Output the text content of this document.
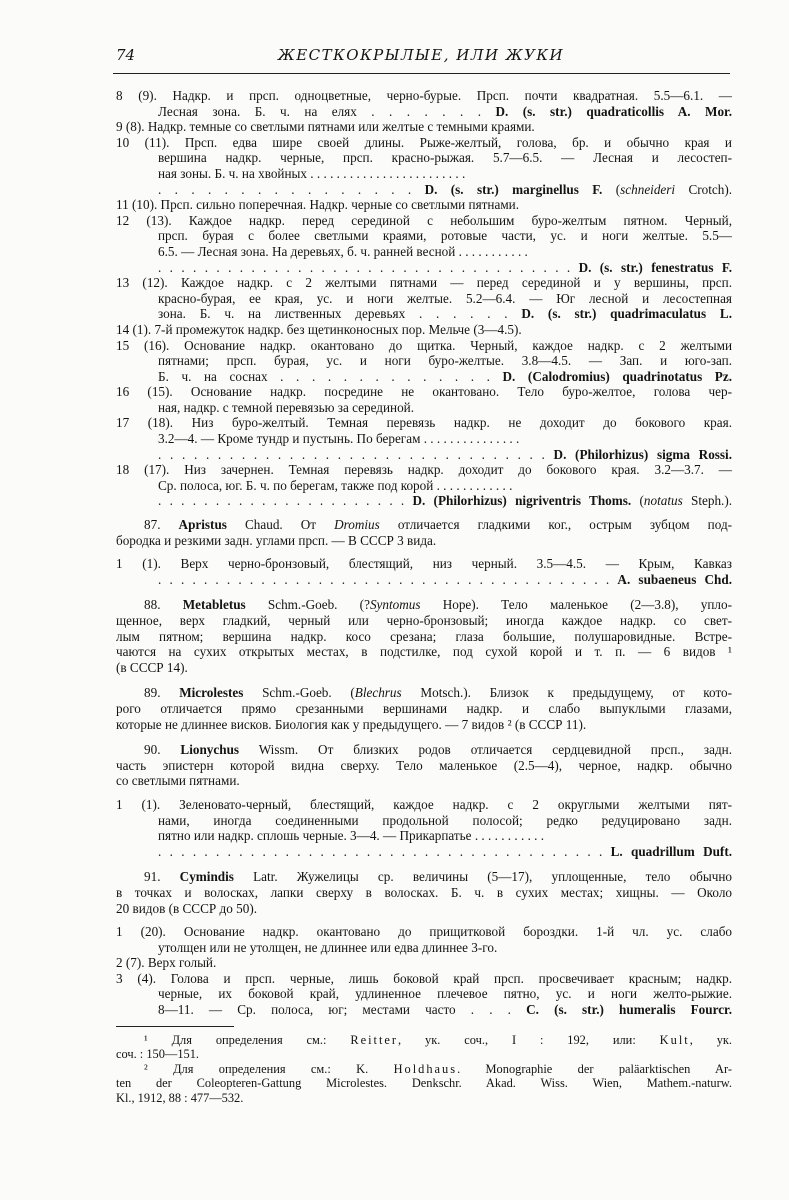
74	ЖЕСТКОКРЫЛЫЕ, ИЛИ ЖУКИ
8 (9). Надкр. и прсп. одноцветные, черно-бурые. Прсп. почти квадратная. 5.5—6.1. —
Лесная зона. Б. ч. на елях . . . . . . . D. (s. str.) quadraticollis A. Mor.
9 (8). Надкр. темные со светлыми пятнами или желтые с темными краями.
10 (11). Прсп. едва шире своей длины. Рыже-желтый, голова, бр. и обычно края и
вершина надкр. черные, прсп. красно-рыжая. 5.7—6.5. — Лесная и лесостеп-
ная зоны. Б. ч. на хвойных . . . . . . . . . . . . . . . . . . . . . . . .
. . . . . . . . . . . . . . . . D. (s. str.) marginellus F. (schneideri Crotch).
11 (10). Прсп. сильно поперечная. Надкр. черные со светлыми пятнами.
12 (13). Каждое надкр. перед серединой с небольшим буро-желтым пятном. Черный,
прсп. бурая с более светлыми краями, ротовые части, ус. и ноги желтые. 5.5—
6.5. — Лесная зона. На деревьях, б. ч. ранней весной . . . . . . . . . . .
. . . . . . . . . . . . . . . . . . . . . . . . . . . . . . . . . . . . D. (s. str.) fenestratus F.
13 (12). Каждое надкр. с 2 желтыми пятнами — перед серединой и у вершины, прсп.
красно-бурая, ее края, ус. и ноги желтые. 5.2—6.4. — Юг лесной и лесостепная
зона. Б. ч. на лиственных деревьях . . . . . . D. (s. str.) quadrimaculatus L.
14 (1). 7-й промежуток надкр. без щетинконосных пор. Мельче (3—4.5).
15 (16). Основание надкр. окантовано до щитка. Черный, каждое надкр. с 2 желтыми
пятнами; прсп. бурая, ус. и ноги буро-желтые. 3.8—4.5. — Зап. и юго-зап.
Б. ч. на соснах . . . . . . . . . . . . . . D. (Calodromius) quadrinotatus Pz.
16 (15). Основание надкр. посредине не окантовано. Тело буро-желтое, голова чер-
ная, надкр. с темной перевязью за серединой.
17 (18). Низ буро-желтый. Темная перевязь надкр. не доходит до бокового края.
3.2—4. — Кроме тундр и пустынь. По берегам . . . . . . . . . . . . . . .
. . . . . . . . . . . . . . . . . . . . . . . . . . . . . . . . . D. (Philorhizus) sigma Rossi.
18 (17). Низ зачернен. Темная перевязь надкр. доходит до бокового края. 3.2—3.7. —
Ср. полоса, юг. Б. ч. по берегам, также под корой . . . . . . . . . . . .
. . . . . . . . . . . . . . . . . . . . . . D. (Philorhizus) nigriventris Thoms. (notatus Steph.).
87. Apristus Chaud. От Dromius отличается гладкими ког., острым зубцом под-
бородка и резкими задн. углами прсп. — В СССР 3 вида.
1 (1). Верх черно-бронзовый, блестящий, низ черный. 3.5—4.5. — Крым, Кавказ
. . . . . . . . . . . . . . . . . . . . . . . . . . . . . . . . . . . . . . . . A. subaeneus Chd.
88. Metabletus Schm.-Goeb. (?Syntomus Hope). Тело маленькое (2—3.8), упло-
щенное, верх гладкий, черный или черно-бронзовый; иногда каждое надкр. со свет-
лым пятном; вершина надкр. косо срезана; глаза большие, полушаровидные. Встре-
чаются на сухих открытых местах, в подстилке, под сухой корой и т. п. — 6 видов ¹
(в СССР 14).
89. Microlestes Schm.-Goeb. (Blechrus Motsch.). Близок к предыдущему, от кото-
рого отличается прямо срезанными вершинами надкр. и слабо выпуклыми глазами,
которые не длиннее висков. Биология как у предыдущего. — 7 видов ² (в СССР 11).
90. Lionychus Wissm. От близких родов отличается сердцевидной прсп., задн.
часть эпистерн которой видна сверху. Тело маленькое (2.5—4), черное, надкр. обычно
со светлыми пятнами.
1 (1). Зеленовато-черный, блестящий, каждое надкр. с 2 округлыми желтыми пят-
нами, иногда соединенными продольной полосой; редко редуцировано задн.
пятно или надкр. сплошь черные. 3—4. — Прикарпатье . . . . . . . . . . .
. . . . . . . . . . . . . . . . . . . . . . . . . . . . . . . . . . . . . . . L. quadrillum Duft.
91. Cymindis Latr. Жужелицы ср. величины (5—17), уплощенные, тело обычно
в точках и волосках, лапки сверху в волосках. Б. ч. в сухих местах; хищны. — Около
20 видов (в СССР до 50).
1 (20). Основание надкр. окантовано до прищитковой бороздки. 1-й чл. ус. слабо
утолщен или не утолщен, не длиннее или едва длиннее 3-го.
2 (7). Верх голый.
3 (4). Голова и прсп. черные, лишь боковой край прсп. просвечивает красным; надкр.
черные, их боковой край, удлиненное плечевое пятно, ус. и ноги желто-рыжие.
8—11. — Ср. полоса, юг; местами часто . . . C. (s. str.) humeralis Fourcr.
¹ Для определения см.: Reitter, ук. соч., I : 192, или: Kult, ук.
соч. : 150—151.
² Для определения см.: K. Holdhaus. Monographie der paläarktischen Ar-
ten der Coleopteren-Gattung Microlestes. Denkschr. Akad. Wiss. Wien, Mathem.-naturw.
Kl., 1912, 88 : 477—532.
